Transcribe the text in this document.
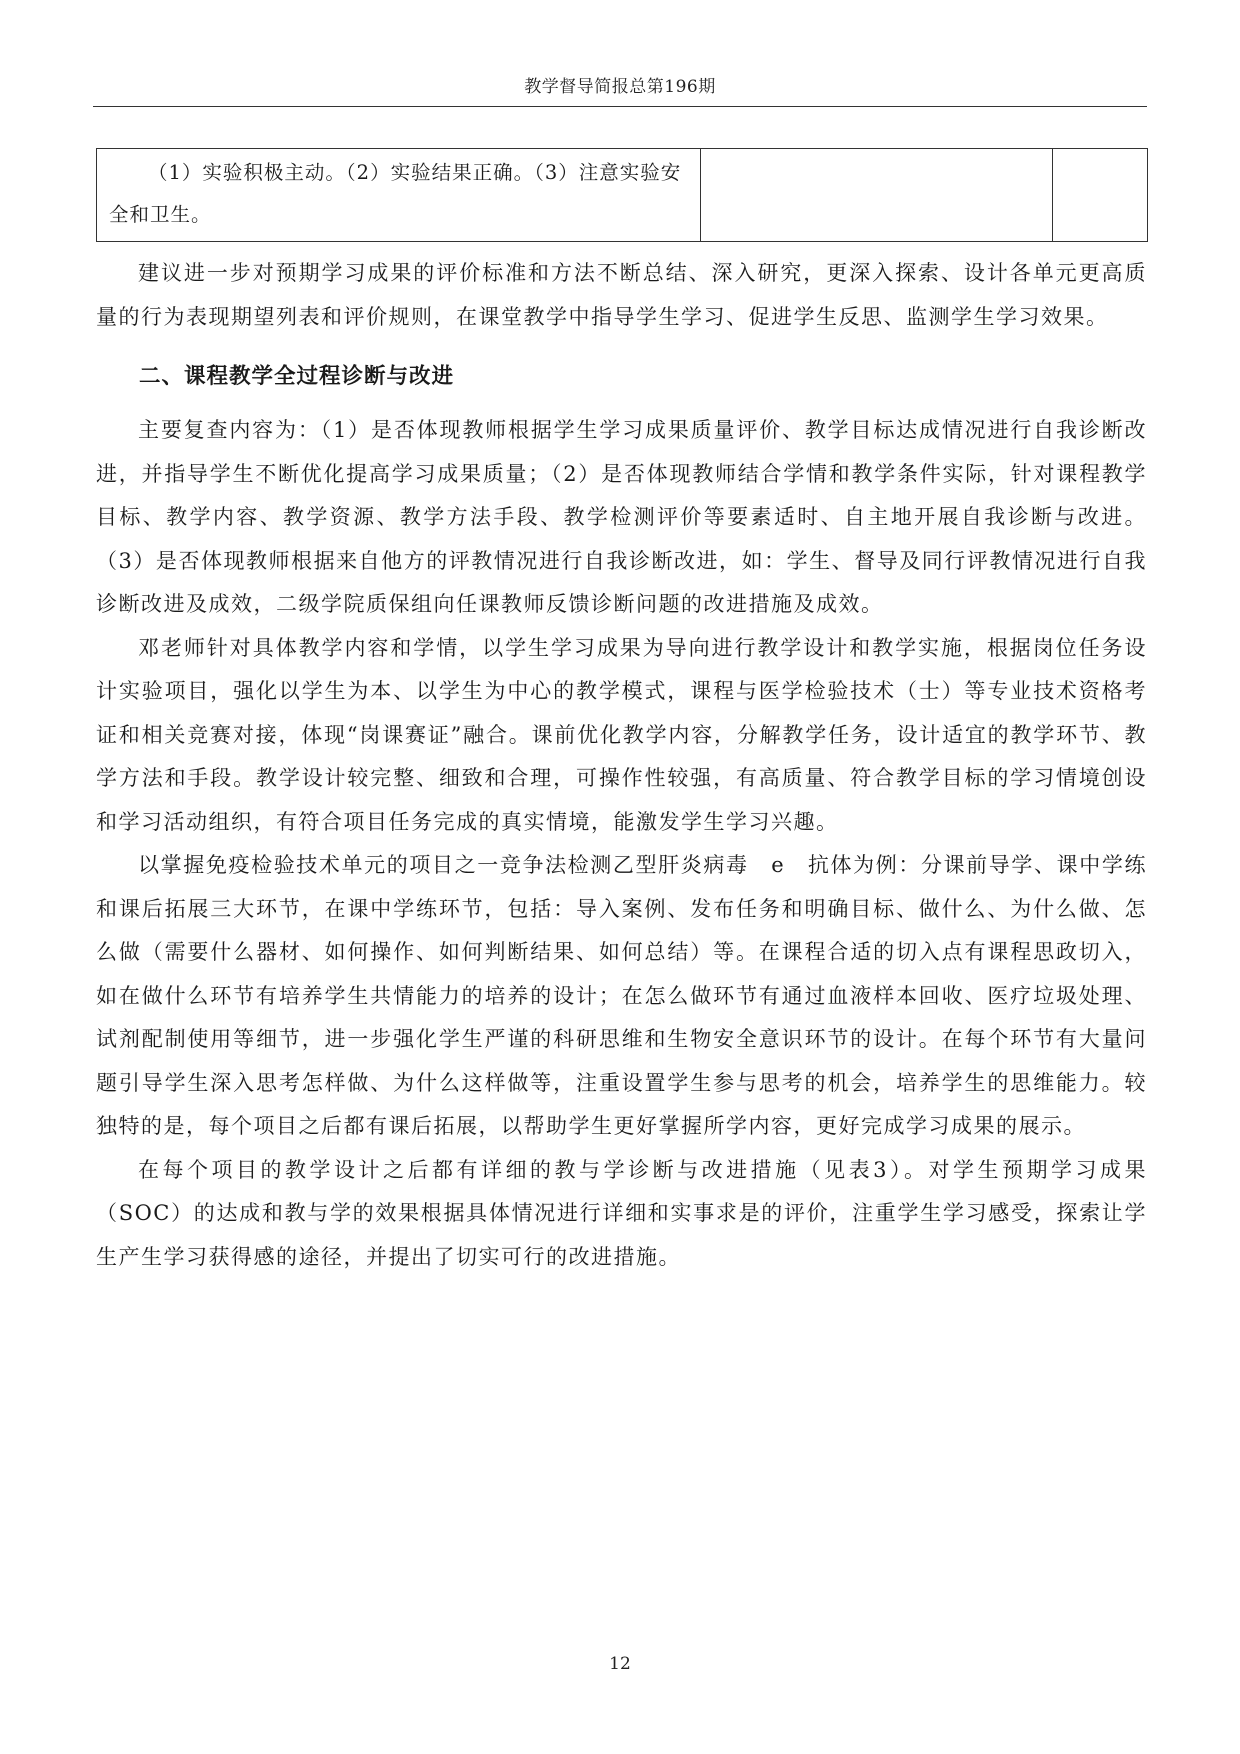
教学督导简报总第196期
（1）实验积极主动。（2）实验结果正确。（3）注意实验安全和卫生。

建议进一步对预期学习成果的评价标准和方法不断总结、深入研究，更深入探索、设计各单元更高质量的行为表现期望列表和评价规则，在课堂教学中指导学生学习、促进学生反思、监测学生学习效果。

二、课程教学全过程诊断与改进

主要复查内容为：（1）是否体现教师根据学生学习成果质量评价、教学目标达成情况进行自我诊断改进，并指导学生不断优化提高学习成果质量；（2）是否体现教师结合学情和教学条件实际，针对课程教学目标、教学内容、教学资源、教学方法手段、教学检测评价等要素适时、自主地开展自我诊断与改进。（3）是否体现教师根据来自他方的评教情况进行自我诊断改进，如：学生、督导及同行评教情况进行自我诊断改进及成效，二级学院质保组向任课教师反馈诊断问题的改进措施及成效。

邓老师针对具体教学内容和学情，以学生学习成果为导向进行教学设计和教学实施，根据岗位任务设计实验项目，强化以学生为本、以学生为中心的教学模式，课程与医学检验技术（士）等专业技术资格考证和相关竞赛对接，体现“岗课赛证”融合。课前优化教学内容，分解教学任务，设计适宜的教学环节、教学方法和手段。教学设计较完整、细致和合理，可操作性较强，有高质量、符合教学目标的学习情境创设和学习活动组织，有符合项目任务完成的真实情境，能激发学生学习兴趣。

以掌握免疫检验技术单元的项目之一竞争法检测乙型肝炎病毒　e　抗体为例：分课前导学、课中学练和课后拓展三大环节，在课中学练环节，包括：导入案例、发布任务和明确目标、做什么、为什么做、怎么做（需要什么器材、如何操作、如何判断结果、如何总结）等。在课程合适的切入点有课程思政切入，如在做什么环节有培养学生共情能力的培养的设计；在怎么做环节有通过血液样本回收、医疗垃圾处理、试剂配制使用等细节，进一步强化学生严谨的科研思维和生物安全意识环节的设计。在每个环节有大量问题引导学生深入思考怎样做、为什么这样做等，注重设置学生参与思考的机会，培养学生的思维能力。较独特的是，每个项目之后都有课后拓展，以帮助学生更好掌握所学内容，更好完成学习成果的展示。

在每个项目的教学设计之后都有详细的教与学诊断与改进措施（见表3）。对学生预期学习成果（SOC）的达成和教与学的效果根据具体情况进行详细和实事求是的评价，注重学生学习感受，探索让学生产生学习获得感的途径，并提出了切实可行的改进措施。

12
